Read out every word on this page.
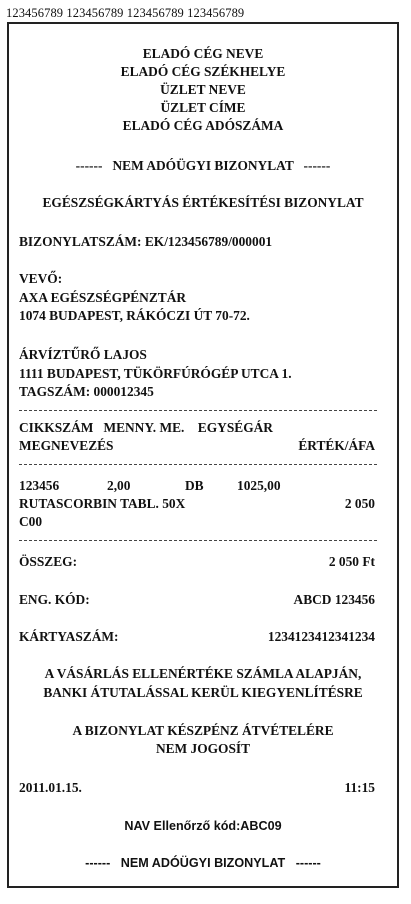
123456789 123456789 123456789 123456789
ELADÓ CÉG NEVE
ELADÓ CÉG SZÉKHELYE
ÜZLET NEVE
ÜZLET CÍME
ELADÓ CÉG ADÓSZÁMA
------   NEM ADÓÜGYI BIZONYLAT   ------
EGÉSZSÉGKÁRTYÁS ÉRTÉKESÍTÉSI BIZONYLAT
BIZONYLATSZÁM: EK/123456789/000001
VEVŐ:
AXA EGÉSZSÉGPÉNZTÁR
1074 BUDAPEST, RÁKÓCZI ÚT 70-72.
ÁRVÍZTŰRŐ LAJOS
1111 BUDAPEST, TÜKÖRFÚRÓGÉP UTCA 1.
TAGSZÁM: 000012345
CIKKSZÁM   MENNY. ME.    EGYSÉGÁR
MEGNEVEZÉS	ÉRTÉK/ÁFA
123456	2,00	DB 1025,00
RUTASCORBIN TABL. 50X	2 050
C00
ÖSSZEG:	2 050 Ft
ENG. KÓD:	ABCD 123456
KÁRTYASZÁM:	1234123412341234
A VÁSÁRLÁS ELLENÉRTÉKE SZÁMLA ALAPJÁN,
BANKI ÁTUTALÁSSAL KERÜL KIEGYENLÍTÉSRE
A BIZONYLAT KÉSZPÉNZ ÁTVÉTELÉRE
NEM JOGOSÍT
2011.01.15.	11:15
NAV Ellenőrző kód:ABC09
------   NEM ADÓÜGYI BIZONYLAT   ------
